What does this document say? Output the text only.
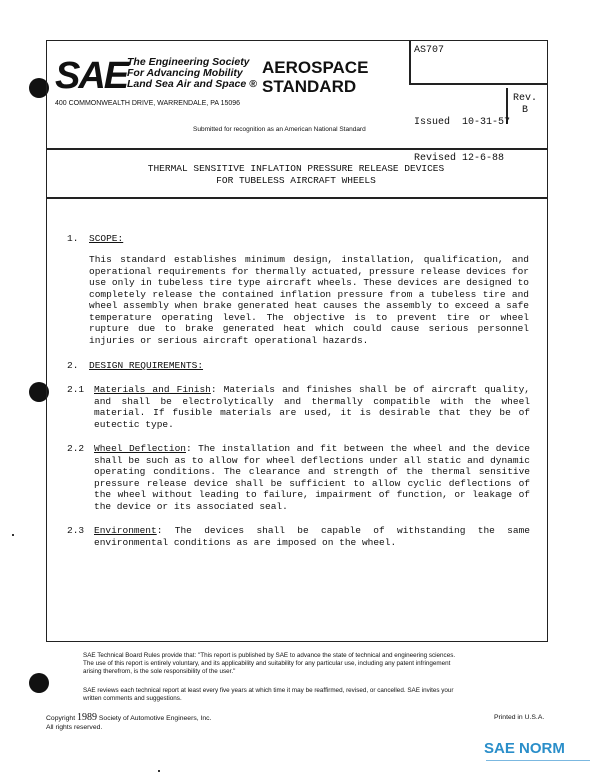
SAE The Engineering Society
For Advancing Mobility
Land Sea Air and Space ®
AEROSPACE
STANDARD
400 COMMONWEALTH DRIVE, WARRENDALE, PA 15096
Submitted for recognition as an American National Standard
AS707

Issued  10-31-57

Revised 12-6-88

Rev.
B
THERMAL SENSITIVE INFLATION PRESSURE RELEASE DEVICES
FOR TUBELESS AIRCRAFT WHEELS
1. SCOPE:
This standard establishes minimum design, installation, qualification, and operational requirements for thermally actuated, pressure release devices for use only in tubeless tire type aircraft wheels. These devices are designed to completely release the contained inflation pressure from a tubeless tire and wheel assembly when brake generated heat causes the assembly to exceed a safe temperature operating level. The objective is to prevent tire or wheel rupture due to brake generated heat which could cause serious personnel injuries or serious aircraft operational hazards.
2. DESIGN REQUIREMENTS:
2.1 Materials and Finish: Materials and finishes shall be of aircraft quality, and shall be electrolytically and thermally compatible with the wheel material. If fusible materials are used, it is desirable that they be of eutectic type.
2.2 Wheel Deflection: The installation and fit between the wheel and the device shall be such as to allow for wheel deflections under all static and dynamic operating conditions. The clearance and strength of the thermal sensitive pressure release device shall be sufficient to allow cyclic deflections of the wheel without leading to failure, impairment of function, or leakage of the device or its associated seal.
2.3 Environment: The devices shall be capable of withstanding the same environmental conditions as are imposed on the wheel.
SAE Technical Board Rules provide that: "This report is published by SAE to advance the state of technical and engineering sciences.
The use of this report is entirely voluntary, and its applicability and suitability for any particular use, including any patent infringement
arising therefrom, is the sole responsibility of the user."
SAE reviews each technical report at least every five years at which time it may be reaffirmed, revised, or cancelled. SAE invites your
written comments and suggestions.
Copyright 1989 Society of Automotive Engineers, Inc.
All rights reserved.
Printed in U.S.A.
SAE NORM
